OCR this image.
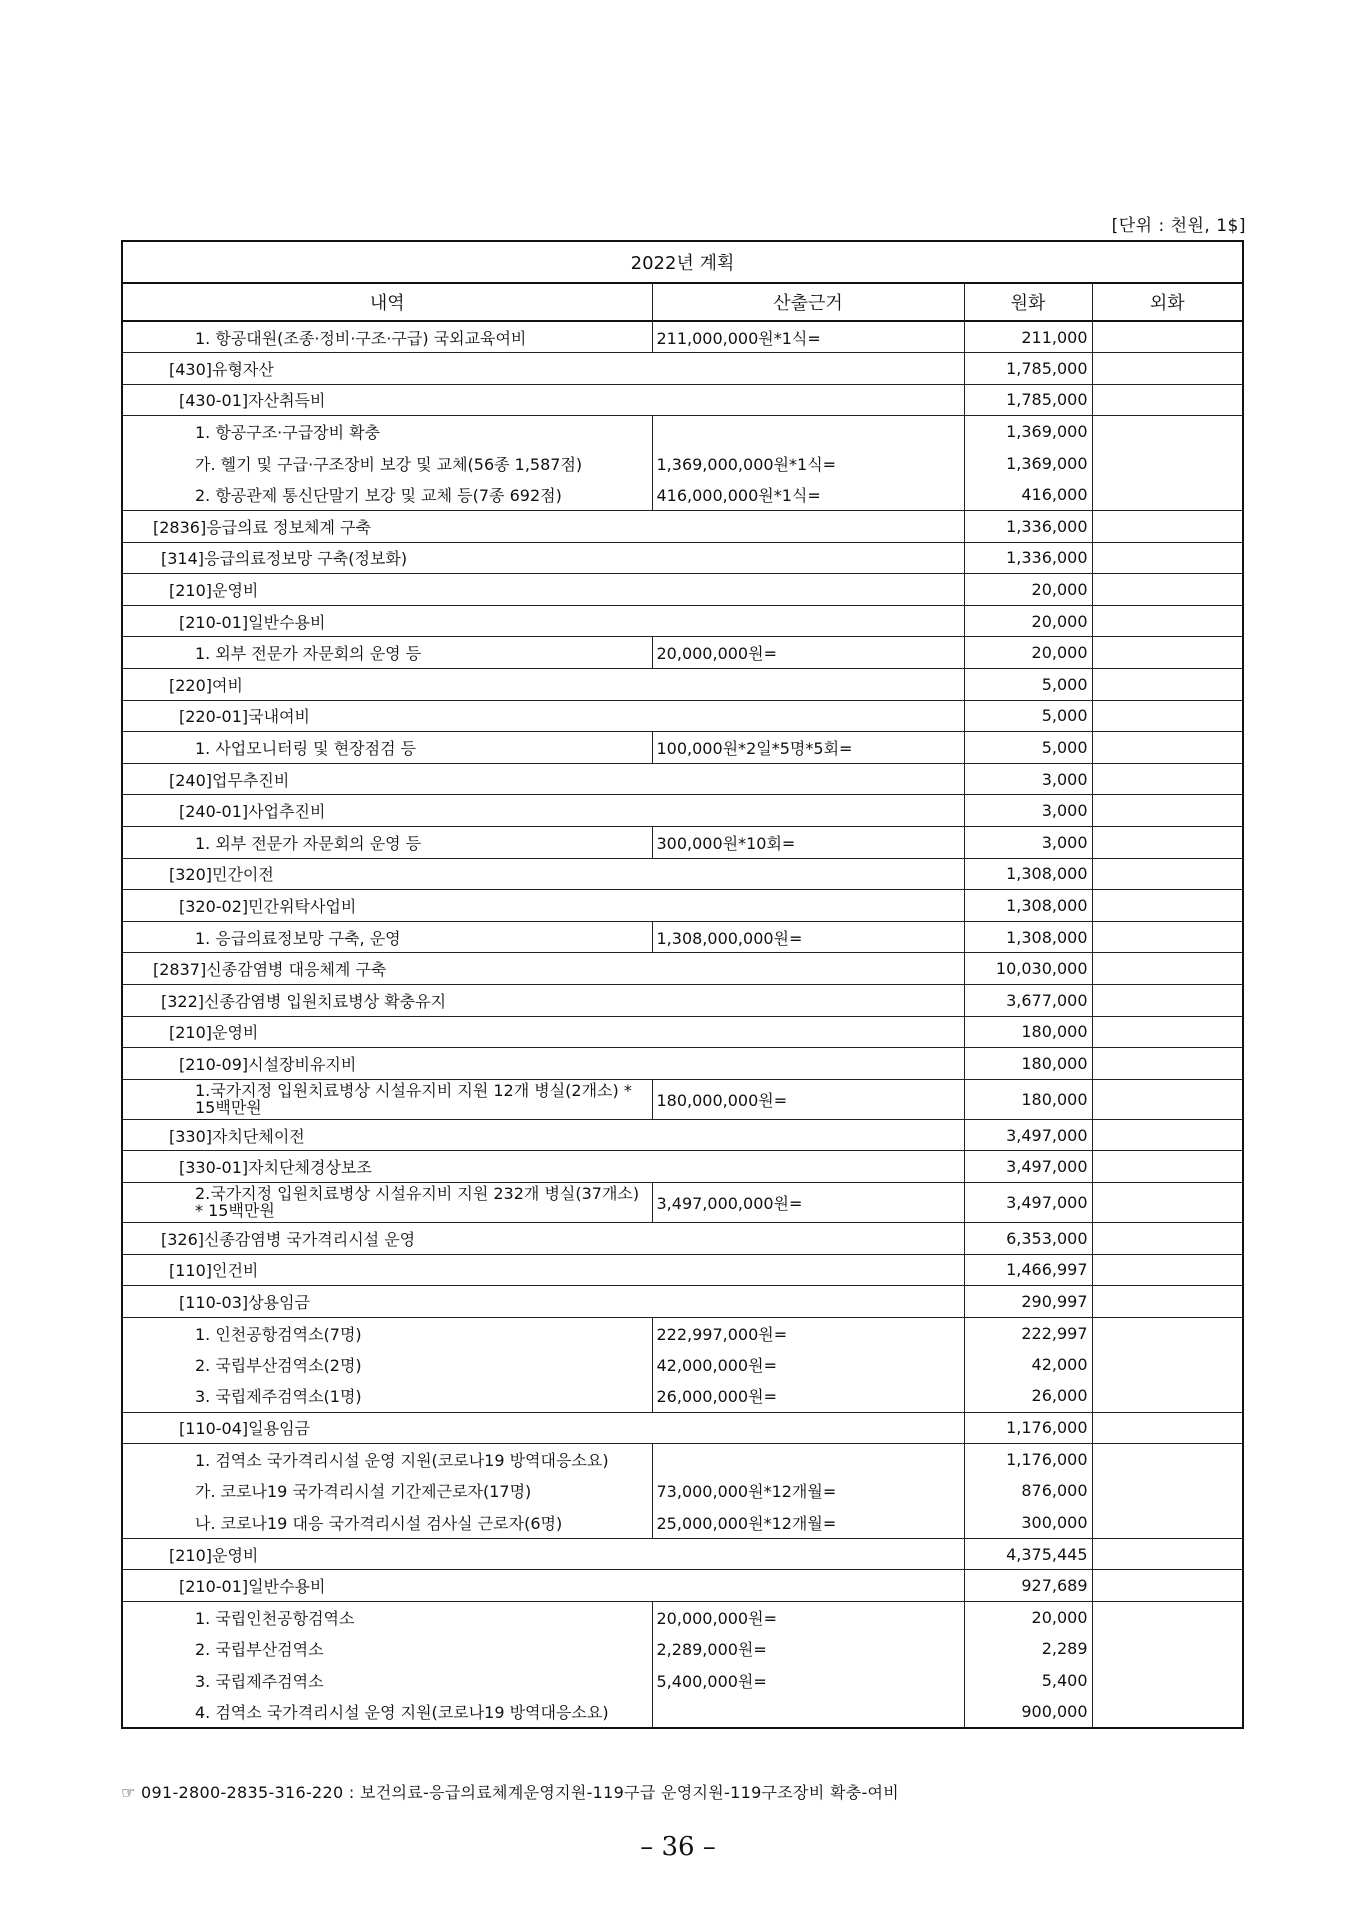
[단위 : 천원, 1$]
2022년 계획			
내역	산출근거	원화	외화
1. 항공대원(조종·정비·구조·구급) 국외교육여비	211,000,000원*1식=	211,000	
[430]유형자산		1,785,000	
[430-01]자산취득비		1,785,000	
1. 항공구조·구급장비 확충		1,369,000	
가. 헬기 및 구급·구조장비 보강 및 교체(56종 1,587점)	1,369,000,000원*1식=	1,369,000	
2. 항공관제 통신단말기 보강 및 교체 등(7종 692점)	416,000,000원*1식=	416,000	
[2836]응급의료 정보체계 구축		1,336,000	
[314]응급의료정보망 구축(정보화)		1,336,000	
[210]운영비		20,000	
[210-01]일반수용비		20,000	
1. 외부 전문가 자문회의 운영 등	20,000,000원=	20,000	
[220]여비		5,000	
[220-01]국내여비		5,000	
1. 사업모니터링 및 현장점검 등	100,000원*2일*5명*5회=	5,000	
[240]업무추진비		3,000	
[240-01]사업추진비		3,000	
1. 외부 전문가 자문회의 운영 등	300,000원*10회=	3,000	
[320]민간이전		1,308,000	
[320-02]민간위탁사업비		1,308,000	
1. 응급의료정보망 구축, 운영	1,308,000,000원=	1,308,000	
[2837]신종감염병 대응체계 구축		10,030,000	
[322]신종감염병 입원치료병상 확충유지		3,677,000	
[210]운영비		180,000	
[210-09]시설장비유지비		180,000	

1.국가지정 입원치료병상 시설유지비 지원 12개 병실(2개소) * 15백만원	180,000,000원=	180,000	
[330]자치단체이전		3,497,000	
[330-01]자치단체경상보조		3,497,000	

2.국가지정 입원치료병상 시설유지비 지원 232개 병실(37개소) * 15백만원	3,497,000,000원=	3,497,000	
[326]신종감염병 국가격리시설 운영		6,353,000	
[110]인건비		1,466,997	
[110-03]상용임금		290,997	
1. 인천공항검역소(7명)	222,997,000원=	222,997	
2. 국립부산검역소(2명)	42,000,000원=	42,000	
3. 국립제주검역소(1명)	26,000,000원=	26,000	
[110-04]일용임금		1,176,000	
1. 검역소 국가격리시설 운영 지원(코로나19 방역대응소요)		1,176,000	
가. 코로나19 국가격리시설 기간제근로자(17명)	73,000,000원*12개월=	876,000	
나. 코로나19 대응 국가격리시설 검사실 근로자(6명)	25,000,000원*12개월=	300,000	
[210]운영비		4,375,445	
[210-01]일반수용비		927,689	
1. 국립인천공항검역소	20,000,000원=	20,000	
2. 국립부산검역소	2,289,000원=	2,289	
3. 국립제주검역소	5,400,000원=	5,400	
4. 검역소 국가격리시설 운영 지원(코로나19 방역대응소요)		900,000	
☞ 091-2800-2835-316-220 : 보건의료-응급의료체계운영지원-119구급 운영지원-119구조장비 확충-여비
– 36 –
